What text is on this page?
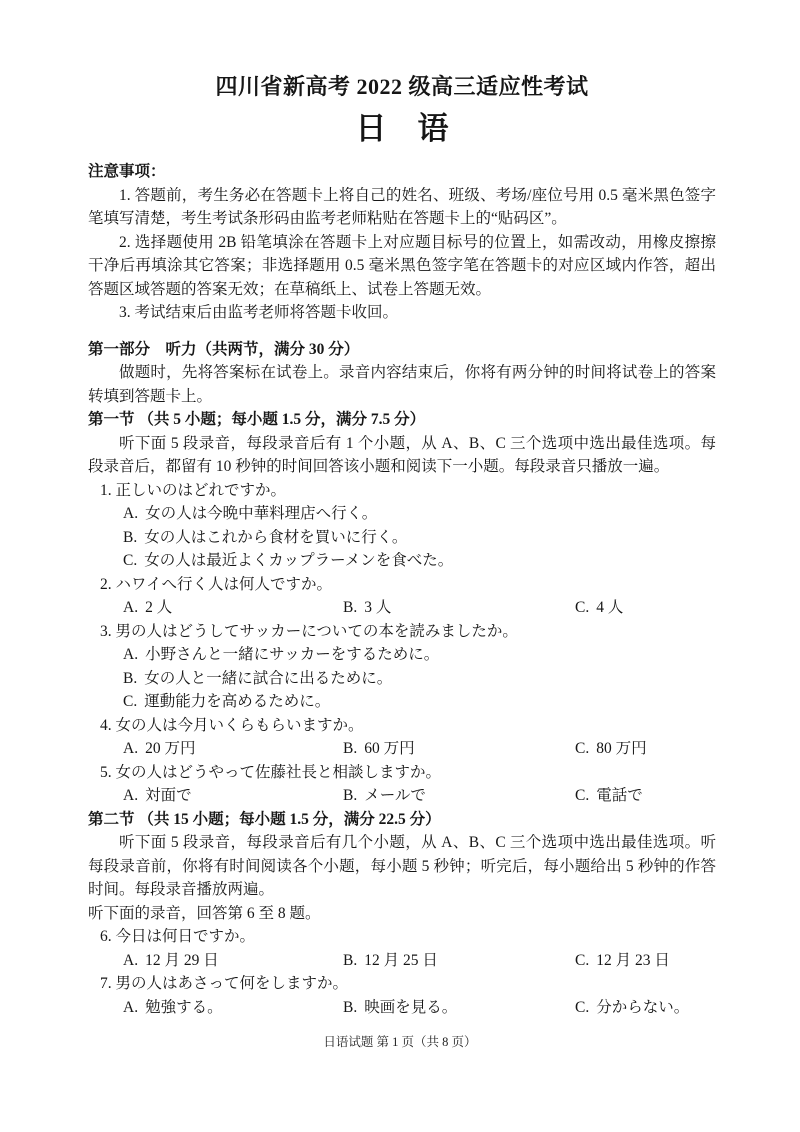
四川省新高考 2022 级高三适应性考试
日　语
注意事项：

1. 答题前，考生务必在答题卡上将自己的姓名、班级、考场/座位号用 0.5 毫米黑色签字笔填写清楚，考生考试条形码由监考老师粘贴在答题卡上的“贴码区”。

2. 选择题使用 2B 铅笔填涂在答题卡上对应题目标号的位置上，如需改动，用橡皮擦擦干净后再填涂其它答案；非选择题用 0.5 毫米黑色签字笔在答题卡的对应区域内作答，超出答题区域答题的答案无效；在草稿纸上、试卷上答题无效。

3. 考试结束后由监考老师将答题卡收回。

第一部分　听力（共两节，满分 30 分）

做题时，先将答案标在试卷上。录音内容结束后，你将有两分钟的时间将试卷上的答案转填到答题卡上。

第一节 （共 5 小题；每小题 1.5 分，满分 7.5 分）

听下面 5 段录音，每段录音后有 1 个小题，从 A、B、C 三个选项中选出最佳选项。每段录音后，都留有 10 秒钟的时间回答该小题和阅读下一小题。每段录音只播放一遍。

1. 正しいのはどれですか。
A. 女の人は今晩中華料理店へ行く。
B. 女の人はこれから食材を買いに行く。
C. 女の人は最近よくカップラーメンを食べた。
2. ハワイへ行く人は何人ですか。
A. 2 人	B. 3 人	C. 4 人
3. 男の人はどうしてサッカーについての本を読みましたか。
A. 小野さんと一緒にサッカーをするために。
B. 女の人と一緒に試合に出るために。
C. 運動能力を高めるために。
4. 女の人は今月いくらもらいますか。
A. 20 万円	B. 60 万円	C. 80 万円
5. 女の人はどうやって佐藤社長と相談しますか。
A. 対面で	B. メールで	C. 電話で
第二节 （共 15 小题；每小题 1.5 分，满分 22.5 分）

听下面 5 段录音，每段录音后有几个小题，从 A、B、C 三个选项中选出最佳选项。听每段录音前，你将有时间阅读各个小题，每小题 5 秒钟；听完后，每小题给出 5 秒钟的作答时间。每段录音播放两遍。

听下面的录音，回答第 6 至 8 题。

6. 今日は何日ですか。
A. 12 月 29 日	B. 12 月 25 日	C. 12 月 23 日
7. 男の人はあさって何をしますか。
A. 勉強する。	B. 映画を見る。	C. 分からない。
日语试题 第 1 页（共 8 页）
